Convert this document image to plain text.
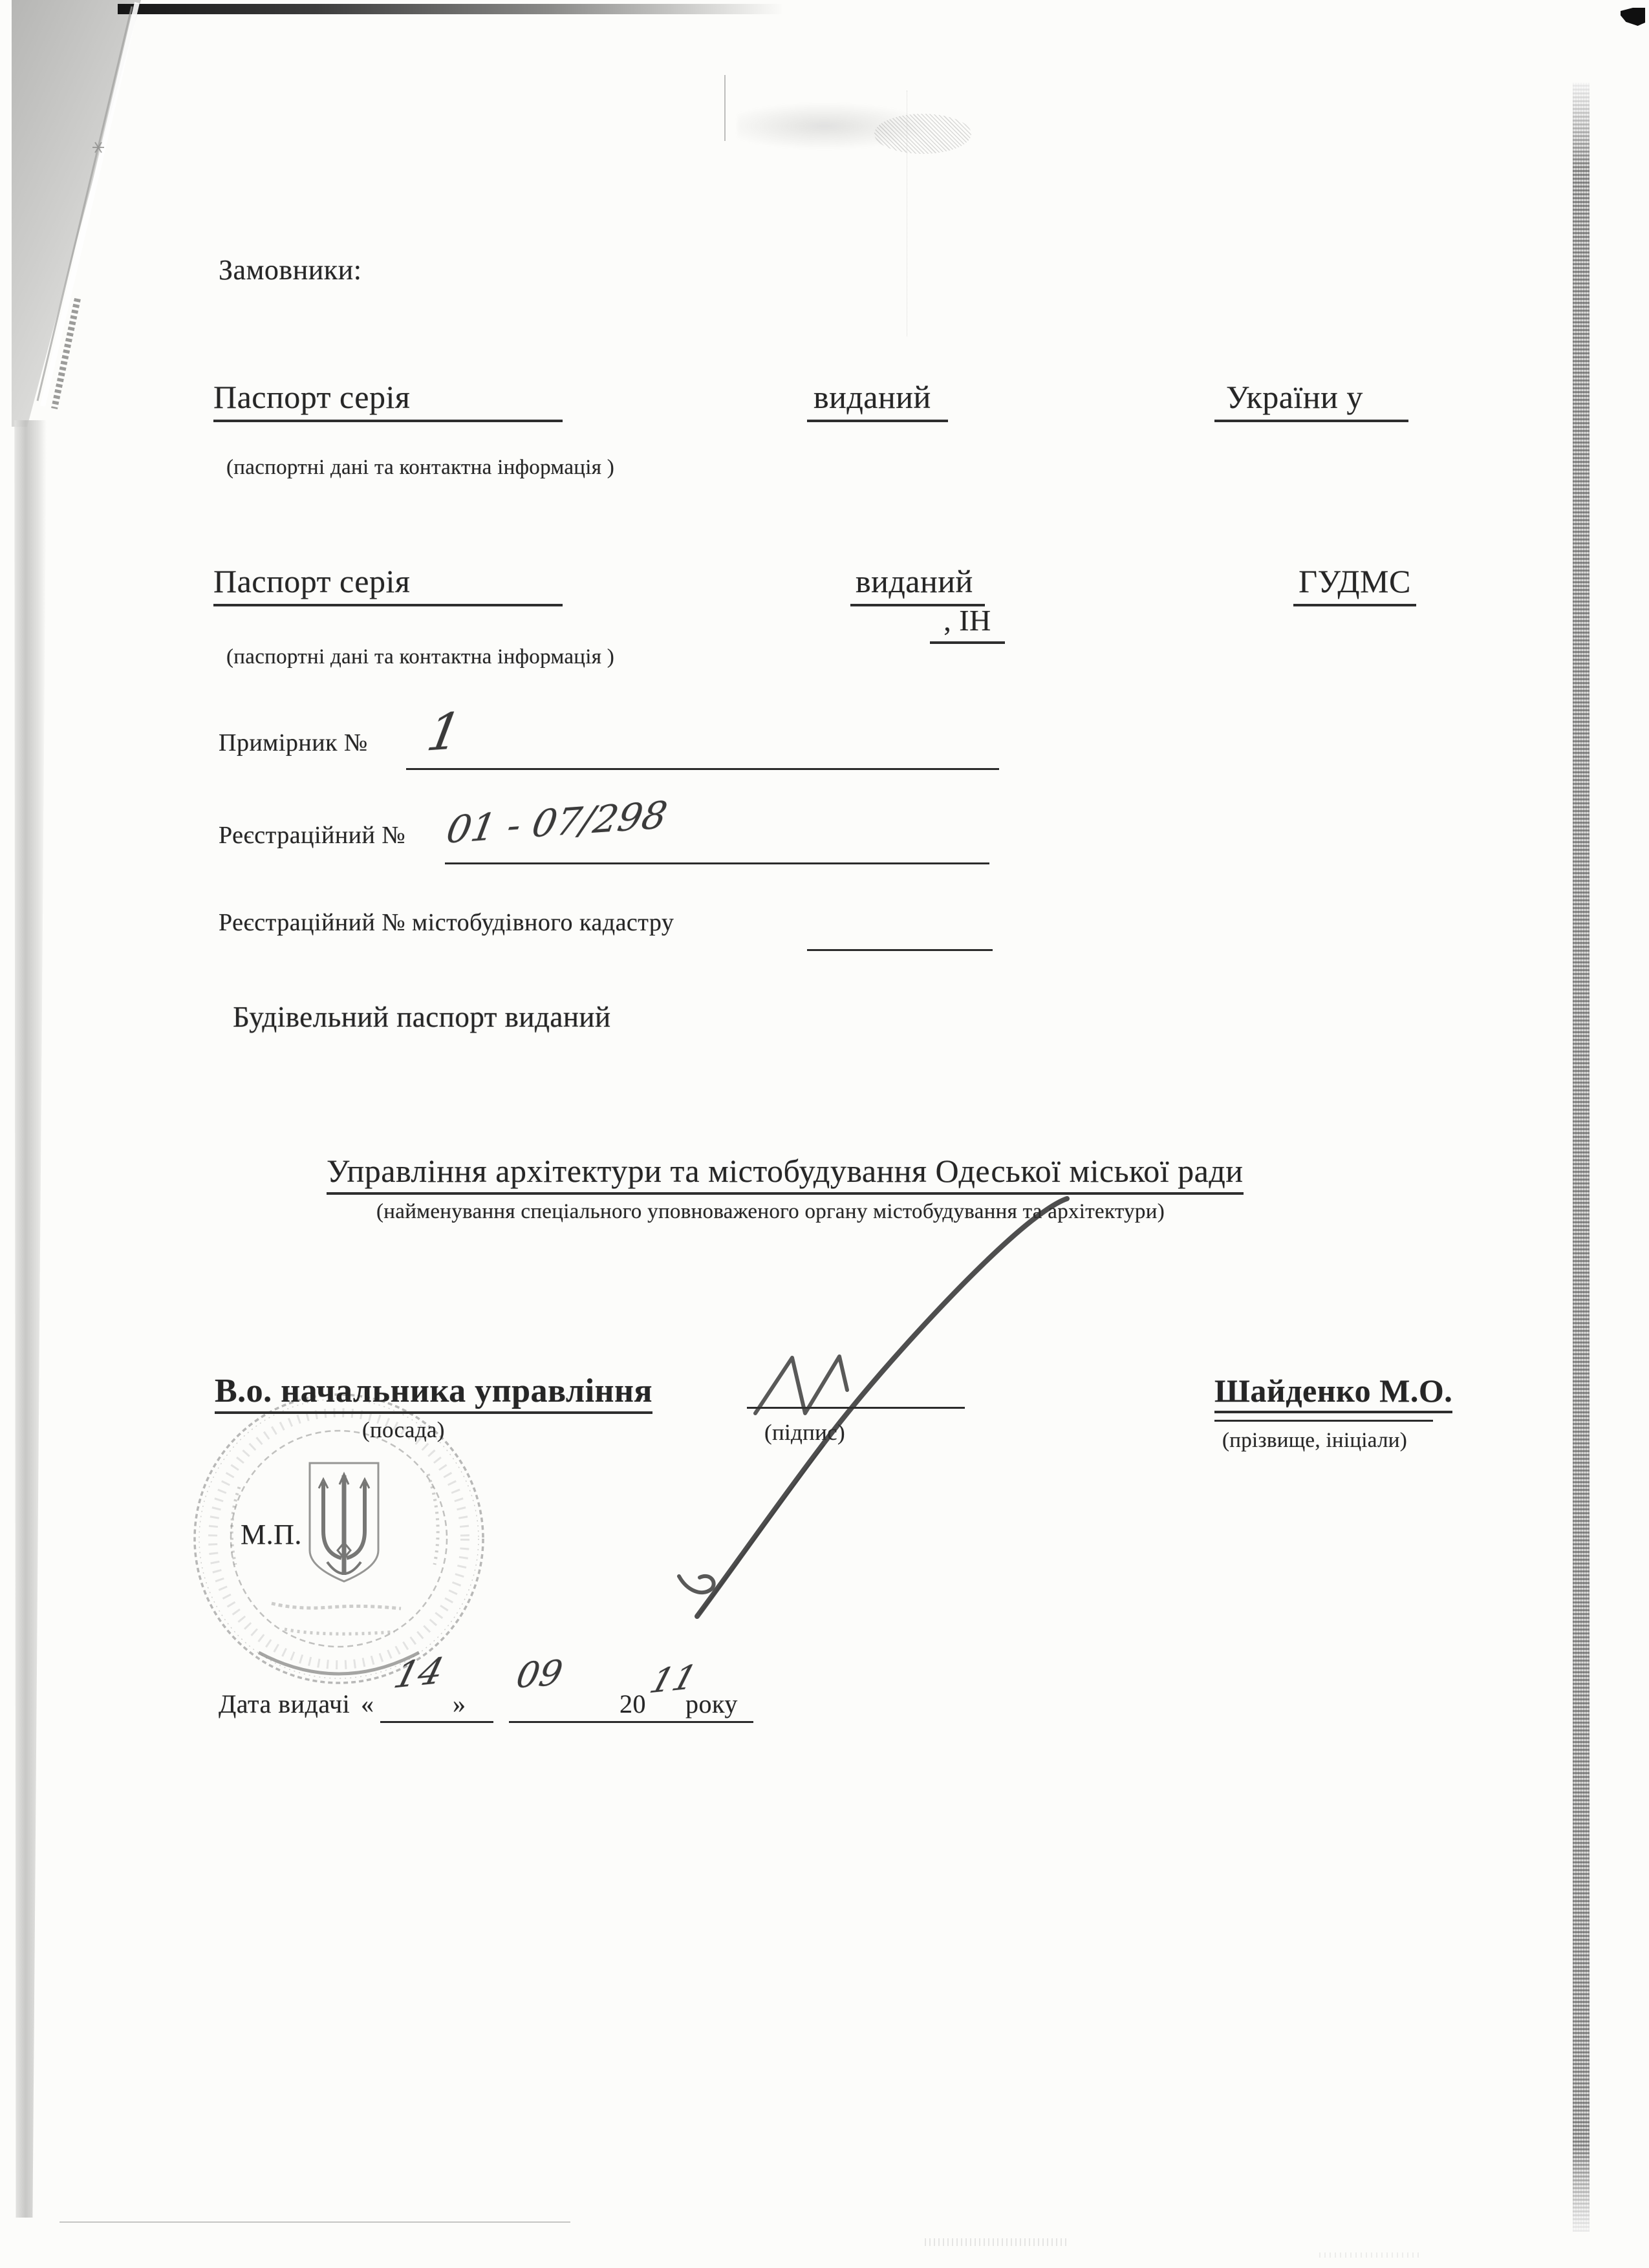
Замовники:
Паспорт серія	виданий	України у
(паспортні дані та контактна інформація )
Паспорт серія	виданий	ГУДМС
, ІН
(паспортні дані та контактна інформація )
Примірник № 1
Реєстраційний № 01 - 07/298
Реєстраційний № містобудівного кадастру
Будівельний паспорт виданий
Управління архітектури та містобудування Одеської міської ради
(найменування спеціального уповноваженого органу містобудування та архітектури)
В.о. начальника управління
(посада)	(підпис)
Шайденко М.О.
(прізвище, ініціали)
М.П.
Дата видачі «
14
»
09
20
11
року
